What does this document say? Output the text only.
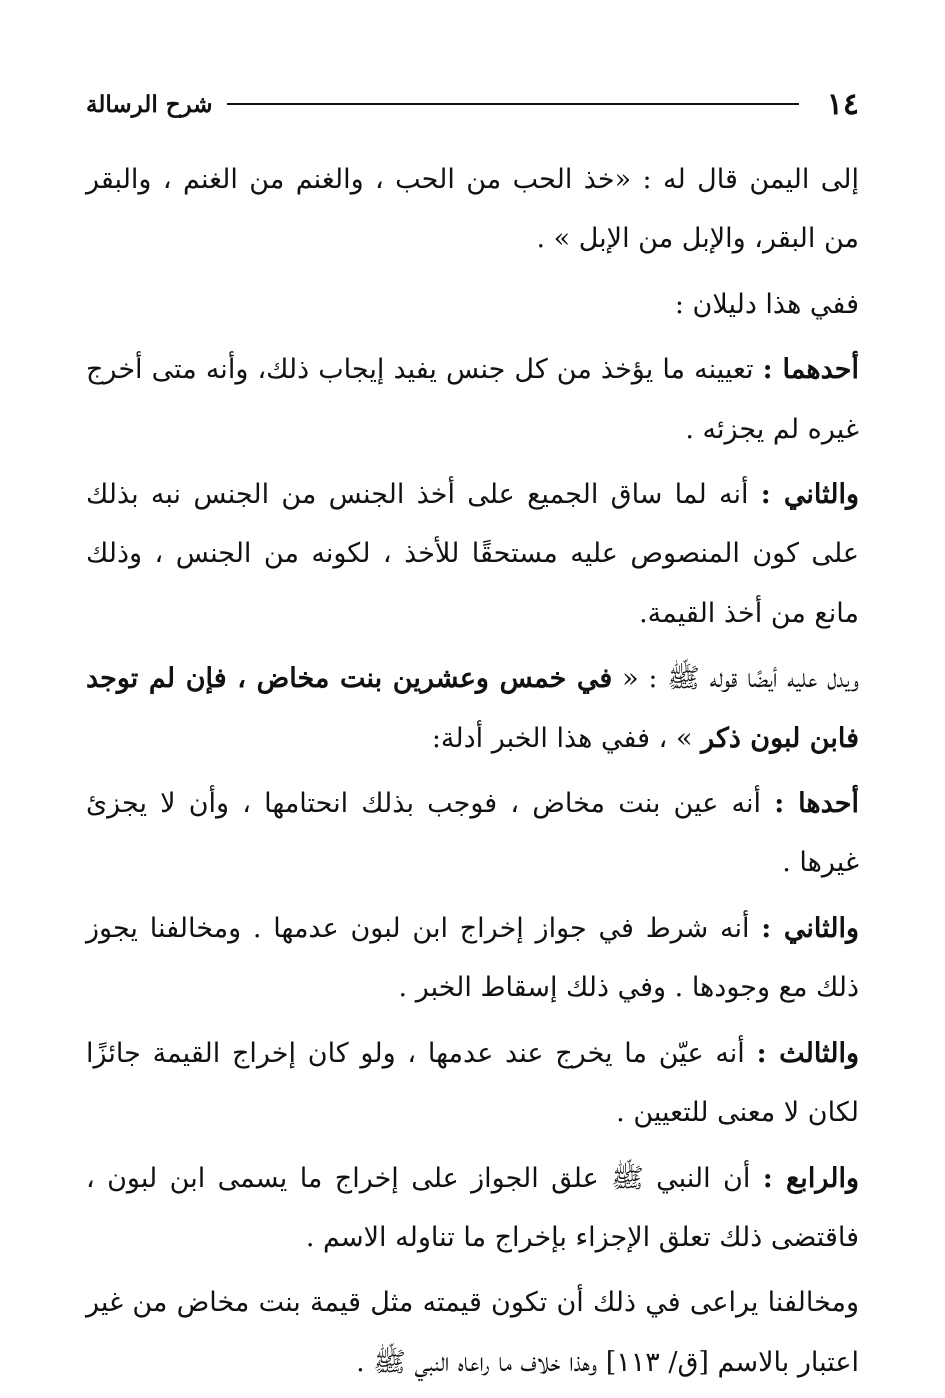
١٤
شرح الرسالة

إلى اليمن قال له : «خذ الحب من الحب ، والغنم من الغنم ، والبقر من البقر، والإبل من الإبل » .

ففي هذا دليلان :

أحدهما : تعيينه ما يؤخذ من كل جنس يفيد إيجاب ذلك، وأنه متى أخرج غيره لم يجزئه .

والثاني : أنه لما ساق الجميع على أخذ الجنس من الجنس نبه بذلك على كون المنصوص عليه مستحقًا للأخذ ، لكونه من الجنس ، وذلك مانع من أخذ القيمة.

ويدل عليه أيضًا قوله ﷺ : « في خمس وعشرين بنت مخاض ، فإن لم توجد فابن لبون ذكر » ، ففي هذا الخبر أدلة:

أحدها : أنه عين بنت مخاض ، فوجب بذلك انحتامها ، وأن لا يجزئ غيرها .

والثاني : أنه شرط في جواز إخراج ابن لبون عدمها . ومخالفنا يجوز ذلك مع وجودها . وفي ذلك إسقاط الخبر .

والثالث : أنه عيّن ما يخرج عند عدمها ، ولو كان إخراج القيمة جائزًا لكان لا معنى للتعيين .

والرابع : أن النبي ﷺ علق الجواز على إخراج ما يسمى ابن لبون ، فاقتضى ذلك تعلق الإجزاء بإخراج ما تناوله الاسم .

ومخالفنا يراعى في ذلك أن تكون قيمته مثل قيمة بنت مخاض من غير اعتبار بالاسم [ق/ ١١٣] وهذا خلاف ما راعاه النبي ﷺ .
